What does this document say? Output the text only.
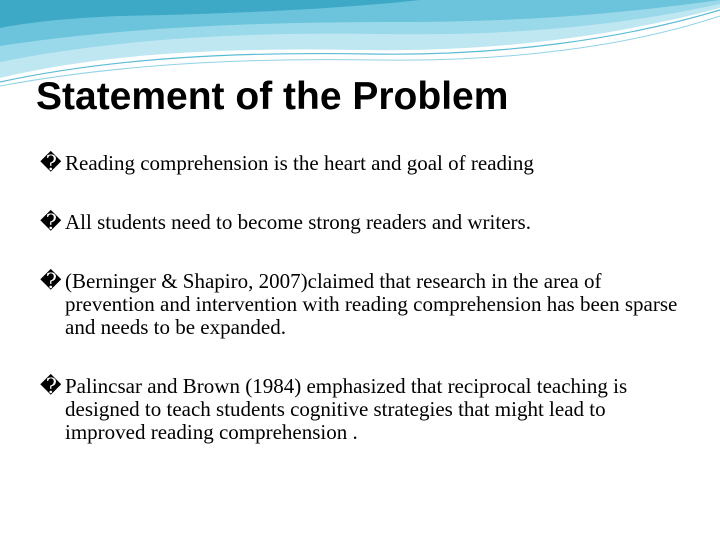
Statement of the Problem
� Reading comprehension is the heart and goal of reading
� All students need to become strong readers and writers.
� (Berninger & Shapiro, 2007)claimed that research in the area of prevention and intervention with reading comprehension has been sparse and needs to be expanded.
� Palincsar and Brown (1984) emphasized that reciprocal teaching is designed to teach students cognitive strategies that might lead to improved reading comprehension .
